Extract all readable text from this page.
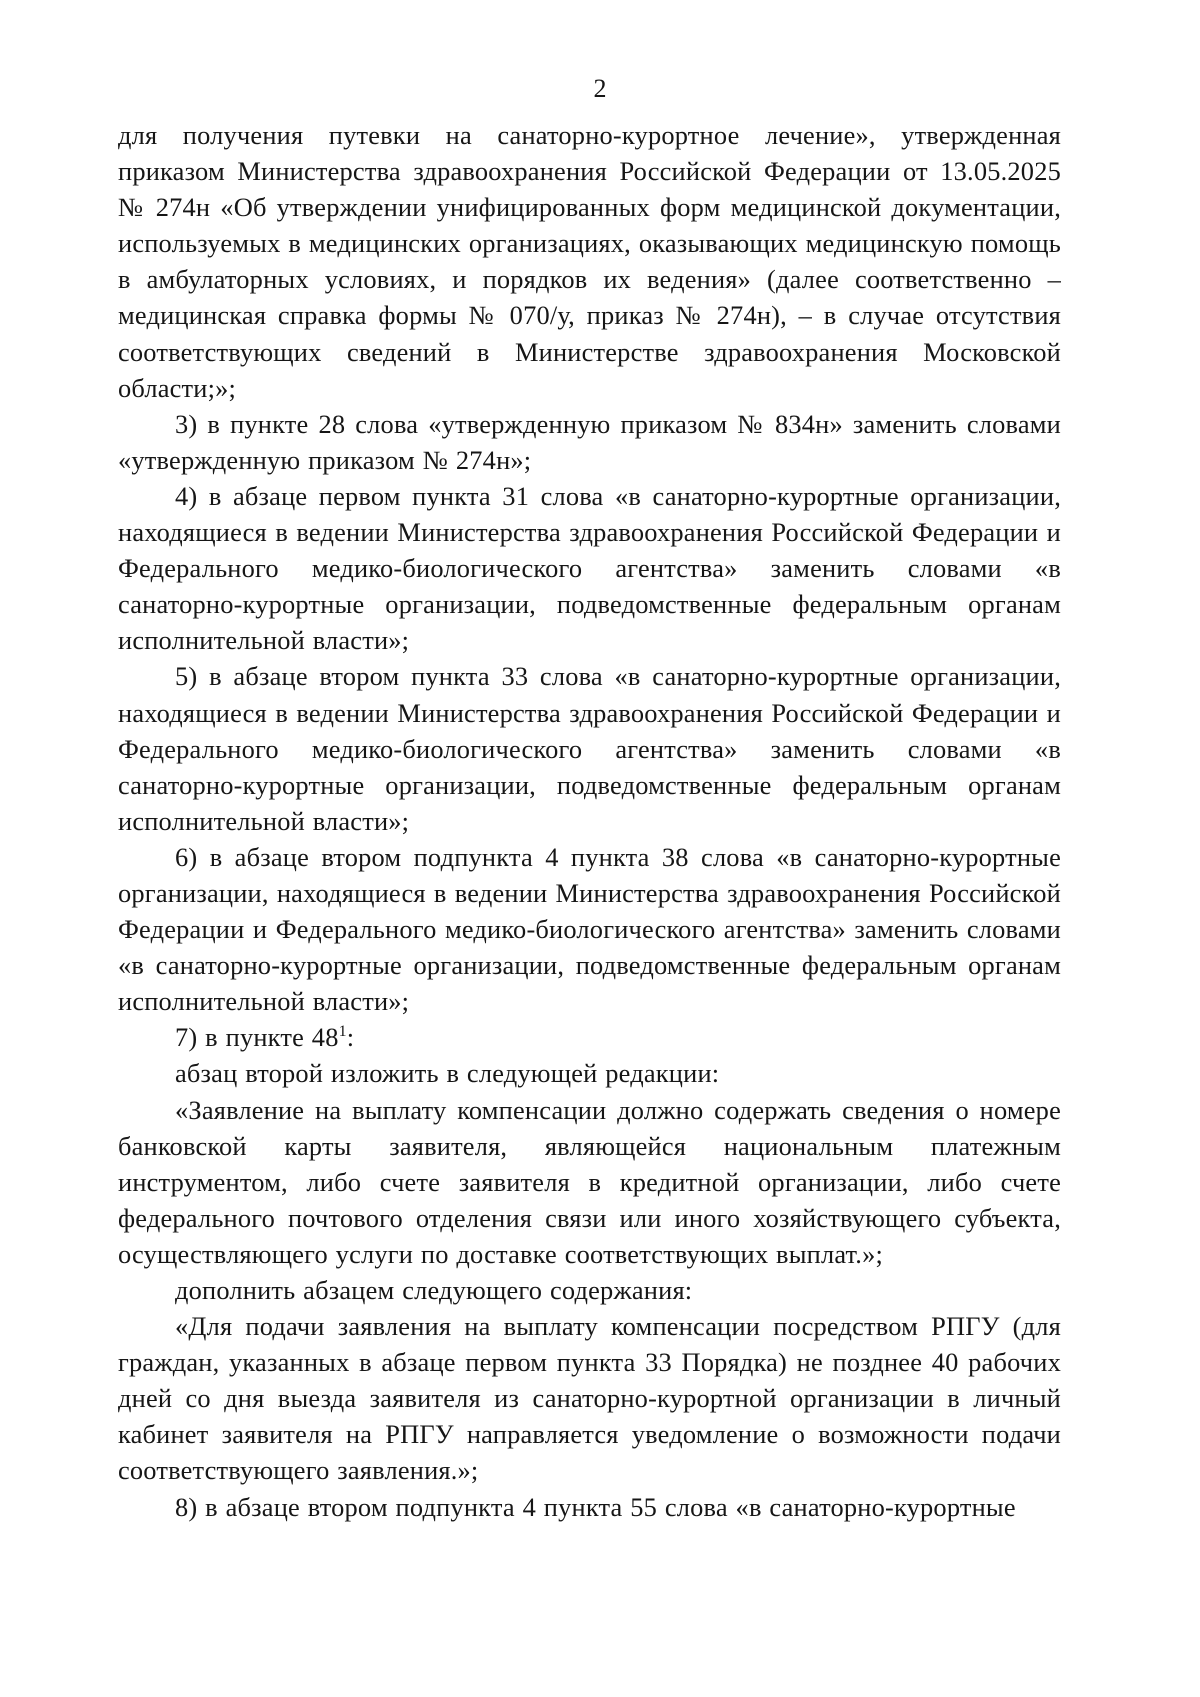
2

для получения путевки на санаторно-курортное лечение», утвержденная приказом Министерства здравоохранения Российской Федерации от 13.05.2025 № 274н «Об утверждении унифицированных форм медицинской документации, используемых в медицинских организациях, оказывающих медицинскую помощь в амбулаторных условиях, и порядков их ведения» (далее соответственно – медицинская справка формы № 070/у, приказ № 274н), – в случае отсутствия соответствующих сведений в Министерстве здравоохранения Московской области;»;

3) в пункте 28 слова «утвержденную приказом № 834н» заменить словами «утвержденную приказом № 274н»;

4) в абзаце первом пункта 31 слова «в санаторно-курортные организации, находящиеся в ведении Министерства здравоохранения Российской Федерации и Федерального медико-биологического агентства» заменить словами «в санаторно-курортные организации, подведомственные федеральным органам исполнительной власти»;

5) в абзаце втором пункта 33 слова «в санаторно-курортные организации, находящиеся в ведении Министерства здравоохранения Российской Федерации и Федерального медико-биологического агентства» заменить словами «в санаторно-курортные организации, подведомственные федеральным органам исполнительной власти»;

6) в абзаце втором подпункта 4 пункта 38 слова «в санаторно-курортные организации, находящиеся в ведении Министерства здравоохранения Российской Федерации и Федерального медико-биологического агентства» заменить словами «в санаторно-курортные организации, подведомственные федеральным органам исполнительной власти»;

7) в пункте $48^1$:

абзац второй изложить в следующей редакции:

«Заявление на выплату компенсации должно содержать сведения о номере банковской карты заявителя, являющейся национальным платежным инструментом, либо счете заявителя в кредитной организации, либо счете федерального почтового отделения связи или иного хозяйствующего субъекта, осуществляющего услуги по доставке соответствующих выплат.»;

дополнить абзацем следующего содержания:

«Для подачи заявления на выплату компенсации посредством РПГУ (для граждан, указанных в абзаце первом пункта 33 Порядка) не позднее 40 рабочих дней со дня выезда заявителя из санаторно-курортной организации в личный кабинет заявителя на РПГУ направляется уведомление о возможности подачи соответствующего заявления.»;

8) в абзаце втором подпункта 4 пункта 55 слова «в санаторно-курортные
